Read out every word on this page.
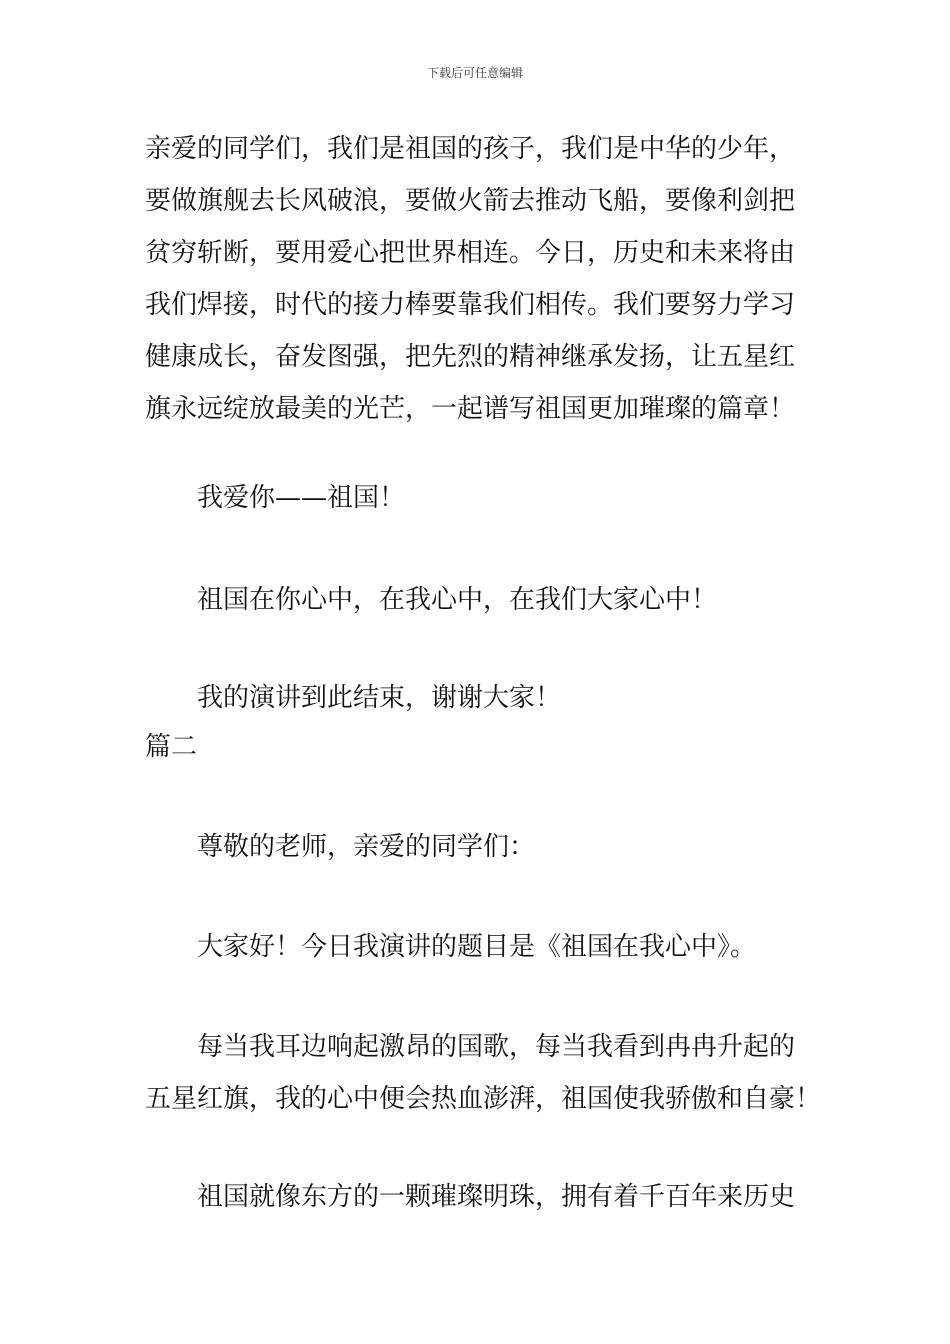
下载后可任意编辑
亲爱的同学们，我们是祖国的孩子，我们是中华的少年，
要做旗舰去长风破浪，要做火箭去推动飞船，要像利剑把
贫穷斩断，要用爱心把世界相连。今日，历史和未来将由
我们焊接，时代的接力棒要靠我们相传。我们要努力学习
健康成长，奋发图强，把先烈的精神继承发扬，让五星红
旗永远绽放最美的光芒，一起谱写祖国更加璀璨的篇章！
我爱你——祖国！
祖国在你心中，在我心中，在我们大家心中！
我的演讲到此结束，谢谢大家！
篇二
尊敬的老师，亲爱的同学们：
大家好！今日我演讲的题目是《祖国在我心中》。
每当我耳边响起激昂的国歌，每当我看到冉冉升起的
五星红旗，我的心中便会热血澎湃，祖国使我骄傲和自豪！
祖国就像东方的一颗璀璨明珠，拥有着千百年来历史
